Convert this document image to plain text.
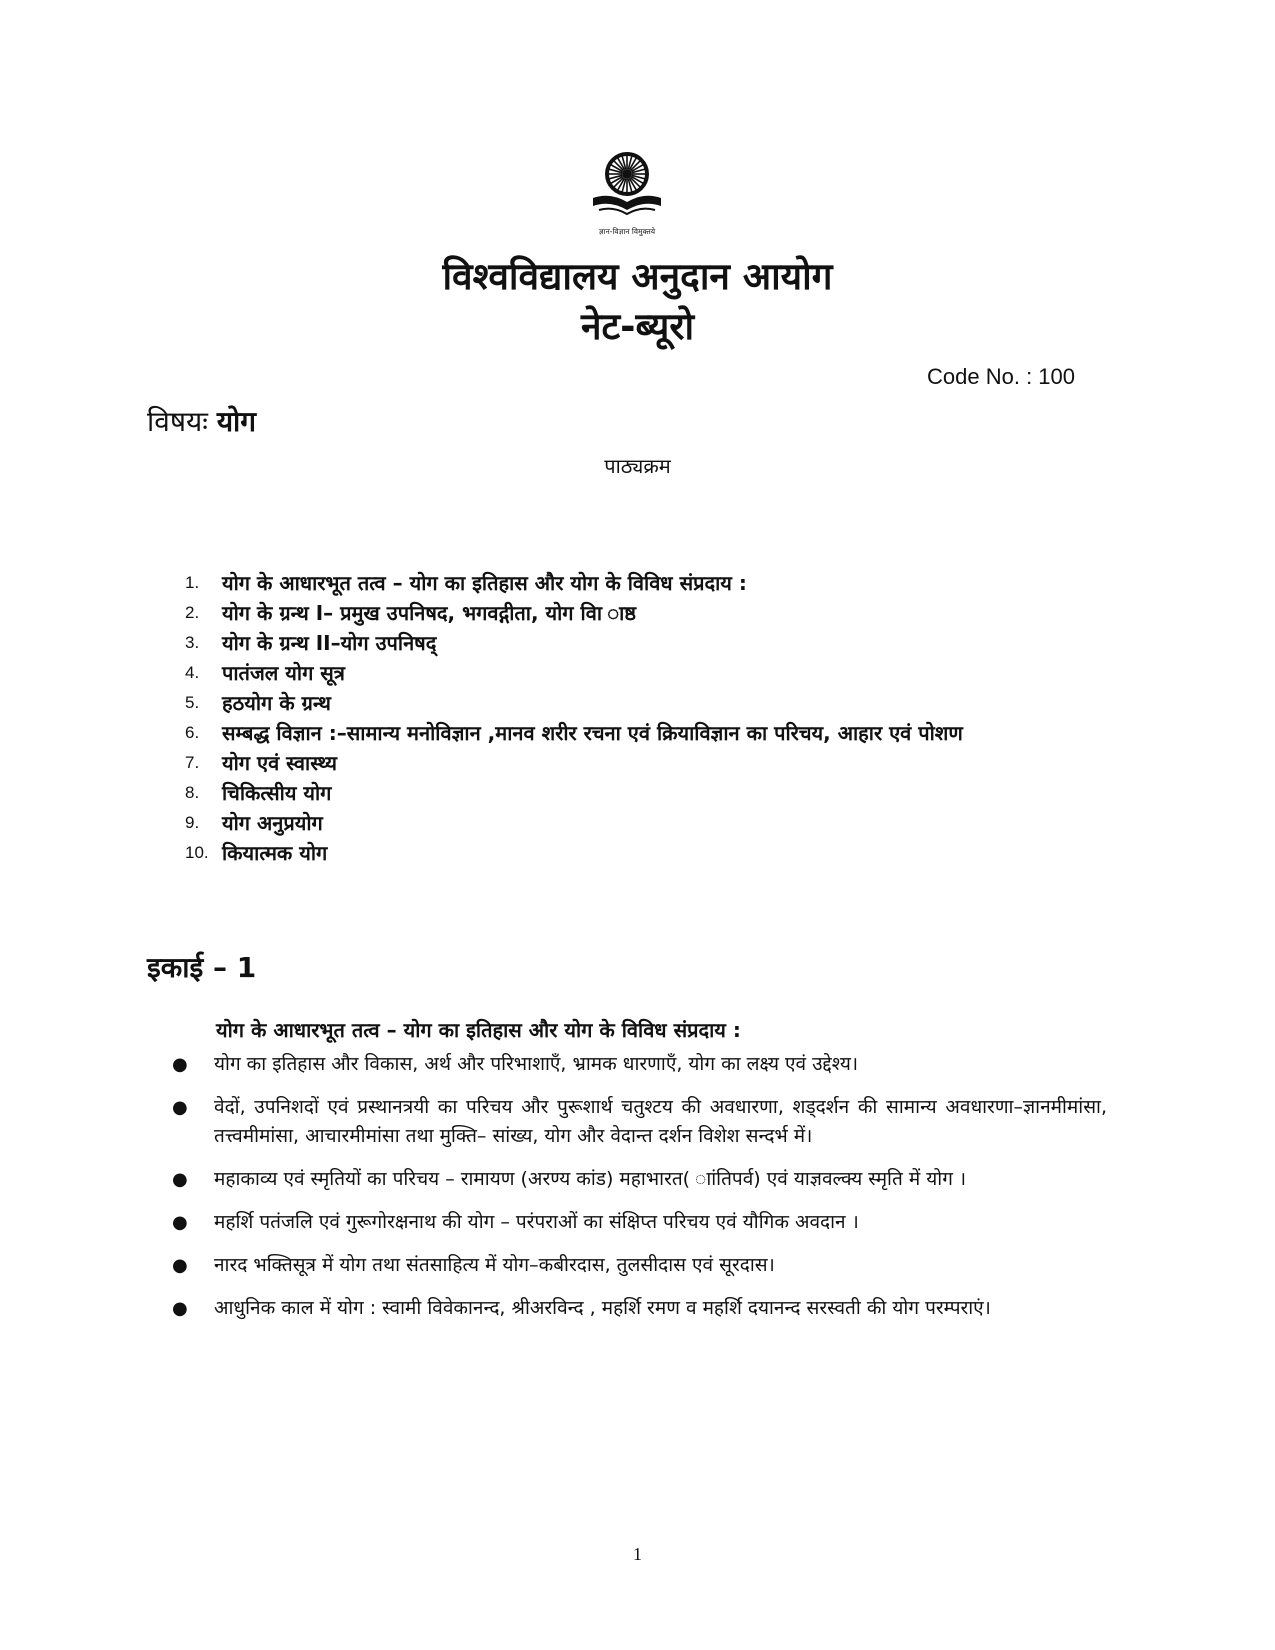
ज्ञान-विज्ञान विमुक्तये
विश्वविद्यालय अनुदान आयोग
नेट-ब्यूरो
Code No. : 100
विषयः योग
पाठ्यक्रम
1.	योग के आधारभूत तत्व – योग का इतिहास और योग के विविध संप्रदाय :
2.	योग के ग्रन्थ I– प्रमुख उपनिषद, भगवद्गीता, योग वाि ाष्ठ
3.	योग के ग्रन्थ II–योग उपनिषद्
4.	पातंजल योग सूत्र
5.	हठयोग के ग्रन्थ
6.	सम्बद्ध विज्ञान :–सामान्य मनोविज्ञान ,मानव शरीर रचना एवं क्रियाविज्ञान का परिचय, आहार एवं पोशण
7.	योग एवं स्वास्थ्य
8.	चिकित्सीय योग
9.	योग अनुप्रयोग
10. कियात्मक योग
इकाई – 1
योग के आधारभूत तत्व – योग का इतिहास और योग के विविध संप्रदाय :
●	योग का इतिहास और विकास, अर्थ और परिभाशाएँ, भ्रामक धारणाएँ, योग का लक्ष्य एवं उद्देश्य।
●	वेदों, उपनिशदों एवं प्रस्थानत्रयी का परिचय और पुरूशार्थ चतुश्टय की अवधारणा, शड्दर्शन की सामान्य अवधारणा–ज्ञानमीमांसा, तत्त्वमीमांसा, आचारमीमांसा तथा मुक्ति– सांख्य, योग और वेदान्त दर्शन विशेश सन्दर्भ में।
●	महाकाव्य एवं स्मृतियों का परिचय – रामायण (अरण्य कांड) महाभारत( ाांतिपर्व) एवं याज्ञवल्क्य स्मृति में योग ।
●	महर्शि पतंजलि एवं गुरूगोरक्षनाथ की योग – परंपराओं का संक्षिप्त परिचय एवं यौगिक अवदान ।
●	नारद भक्तिसूत्र में योग तथा संतसाहित्य में योग–कबीरदास, तुलसीदास एवं सूरदास।
●	आधुनिक काल में योग : स्वामी विवेकानन्द, श्रीअरविन्द , महर्शि रमण व महर्शि दयानन्द सरस्वती की योग परम्पराएं।
1
